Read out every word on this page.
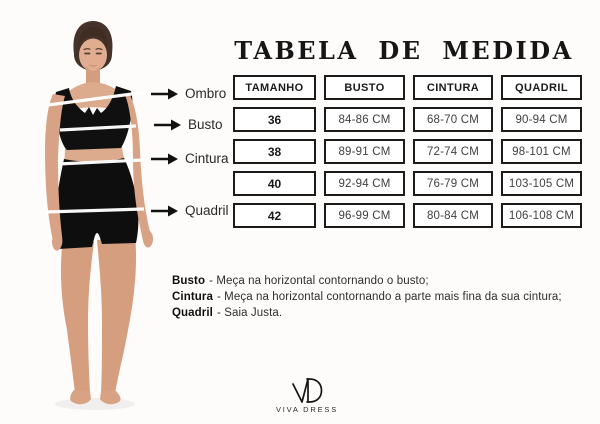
Ombro
Busto
Cintura
Quadril
TABELA DE MEDIDA
TAMANHO	BUSTO	CINTURA	QUADRIL
36	84-86 CM	68-70 CM	90-94 CM
38	89-91 CM	72-74 CM	98-101 CM
40	92-94 CM	76-79 CM	103-105 CM
42	96-99 CM	80-84 CM	106-108 CM
Busto - Meça na horizontal contornando o busto;
Cintura - Meça na horizontal contornando a parte mais fina da sua cintura;
Quadril - Saia Justa.
VIVA DRESS
